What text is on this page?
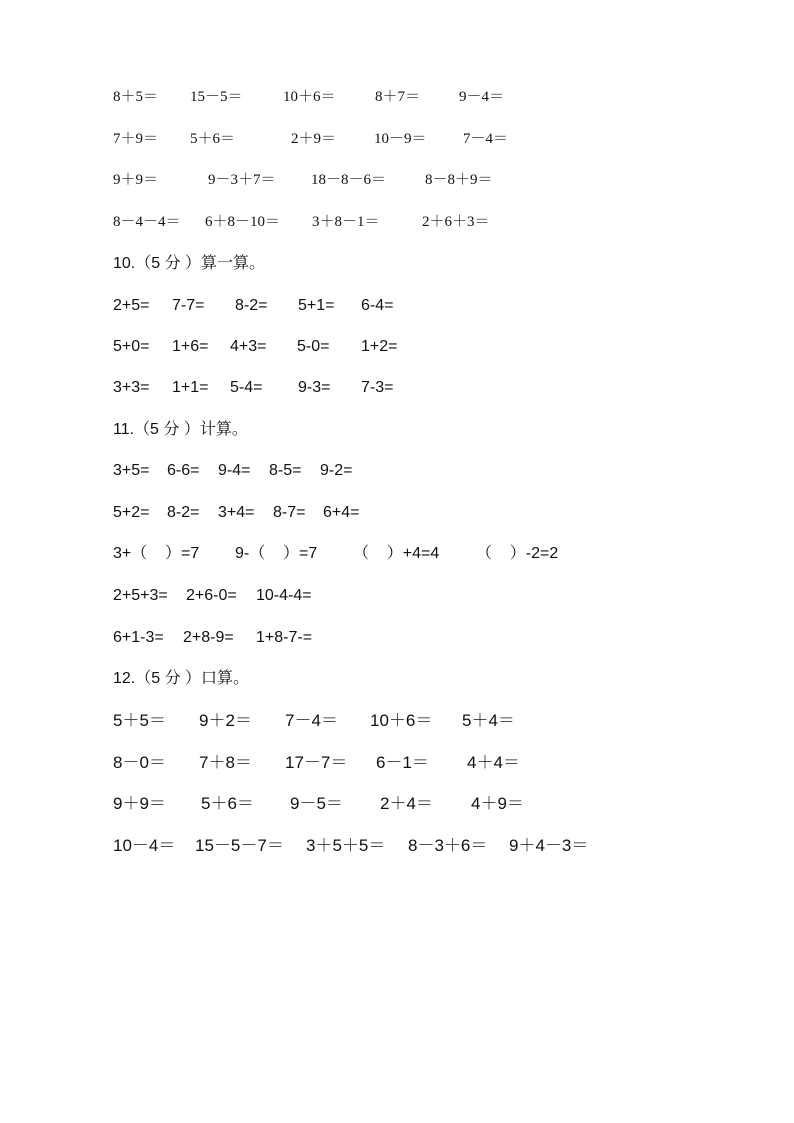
8＋5＝ 15－5＝	10＋6＝	8＋7＝	9－4＝
7＋9＝ 5＋6＝	2＋9＝	10－9＝ 7－4＝
9＋9＝	9－3＋7＝ 18－8－6＝	8－8＋9＝
8－4－4＝ 6＋8－10＝ 3＋8－1＝	2＋6＋3＝
10.（5 分 ）算一算。
2+5= 7-7= 8-2= 5+1= 6-4=
5+0= 1+6= 4+3= 5-0= 1+2=
3+3= 1+1= 5-4= 9-3= 7-3=
11.（5 分 ）计算。
3+5= 6-6= 9-4= 8-5= 9-2=
5+2= 8-2= 3+4= 8-7= 6+4=
3+（    ）=7 9-（    ）=7 （    ）+4=4 （    ）-2=2
2+5+3= 2+6-0= 10-4-4=
6+1-3= 2+8-9= 1+8-7-=
12.（5 分 ）口算。
5＋5＝ 9＋2＝ 7－4＝ 10＋6＝ 5＋4＝
8－0＝ 7＋8＝ 17－7＝ 6－1＝ 4＋4＝
9＋9＝ 5＋6＝ 9－5＝ 2＋4＝ 4＋9＝
10－4＝ 15－5－7＝ 3＋5＋5＝ 8－3＋6＝ 9＋4－3＝
